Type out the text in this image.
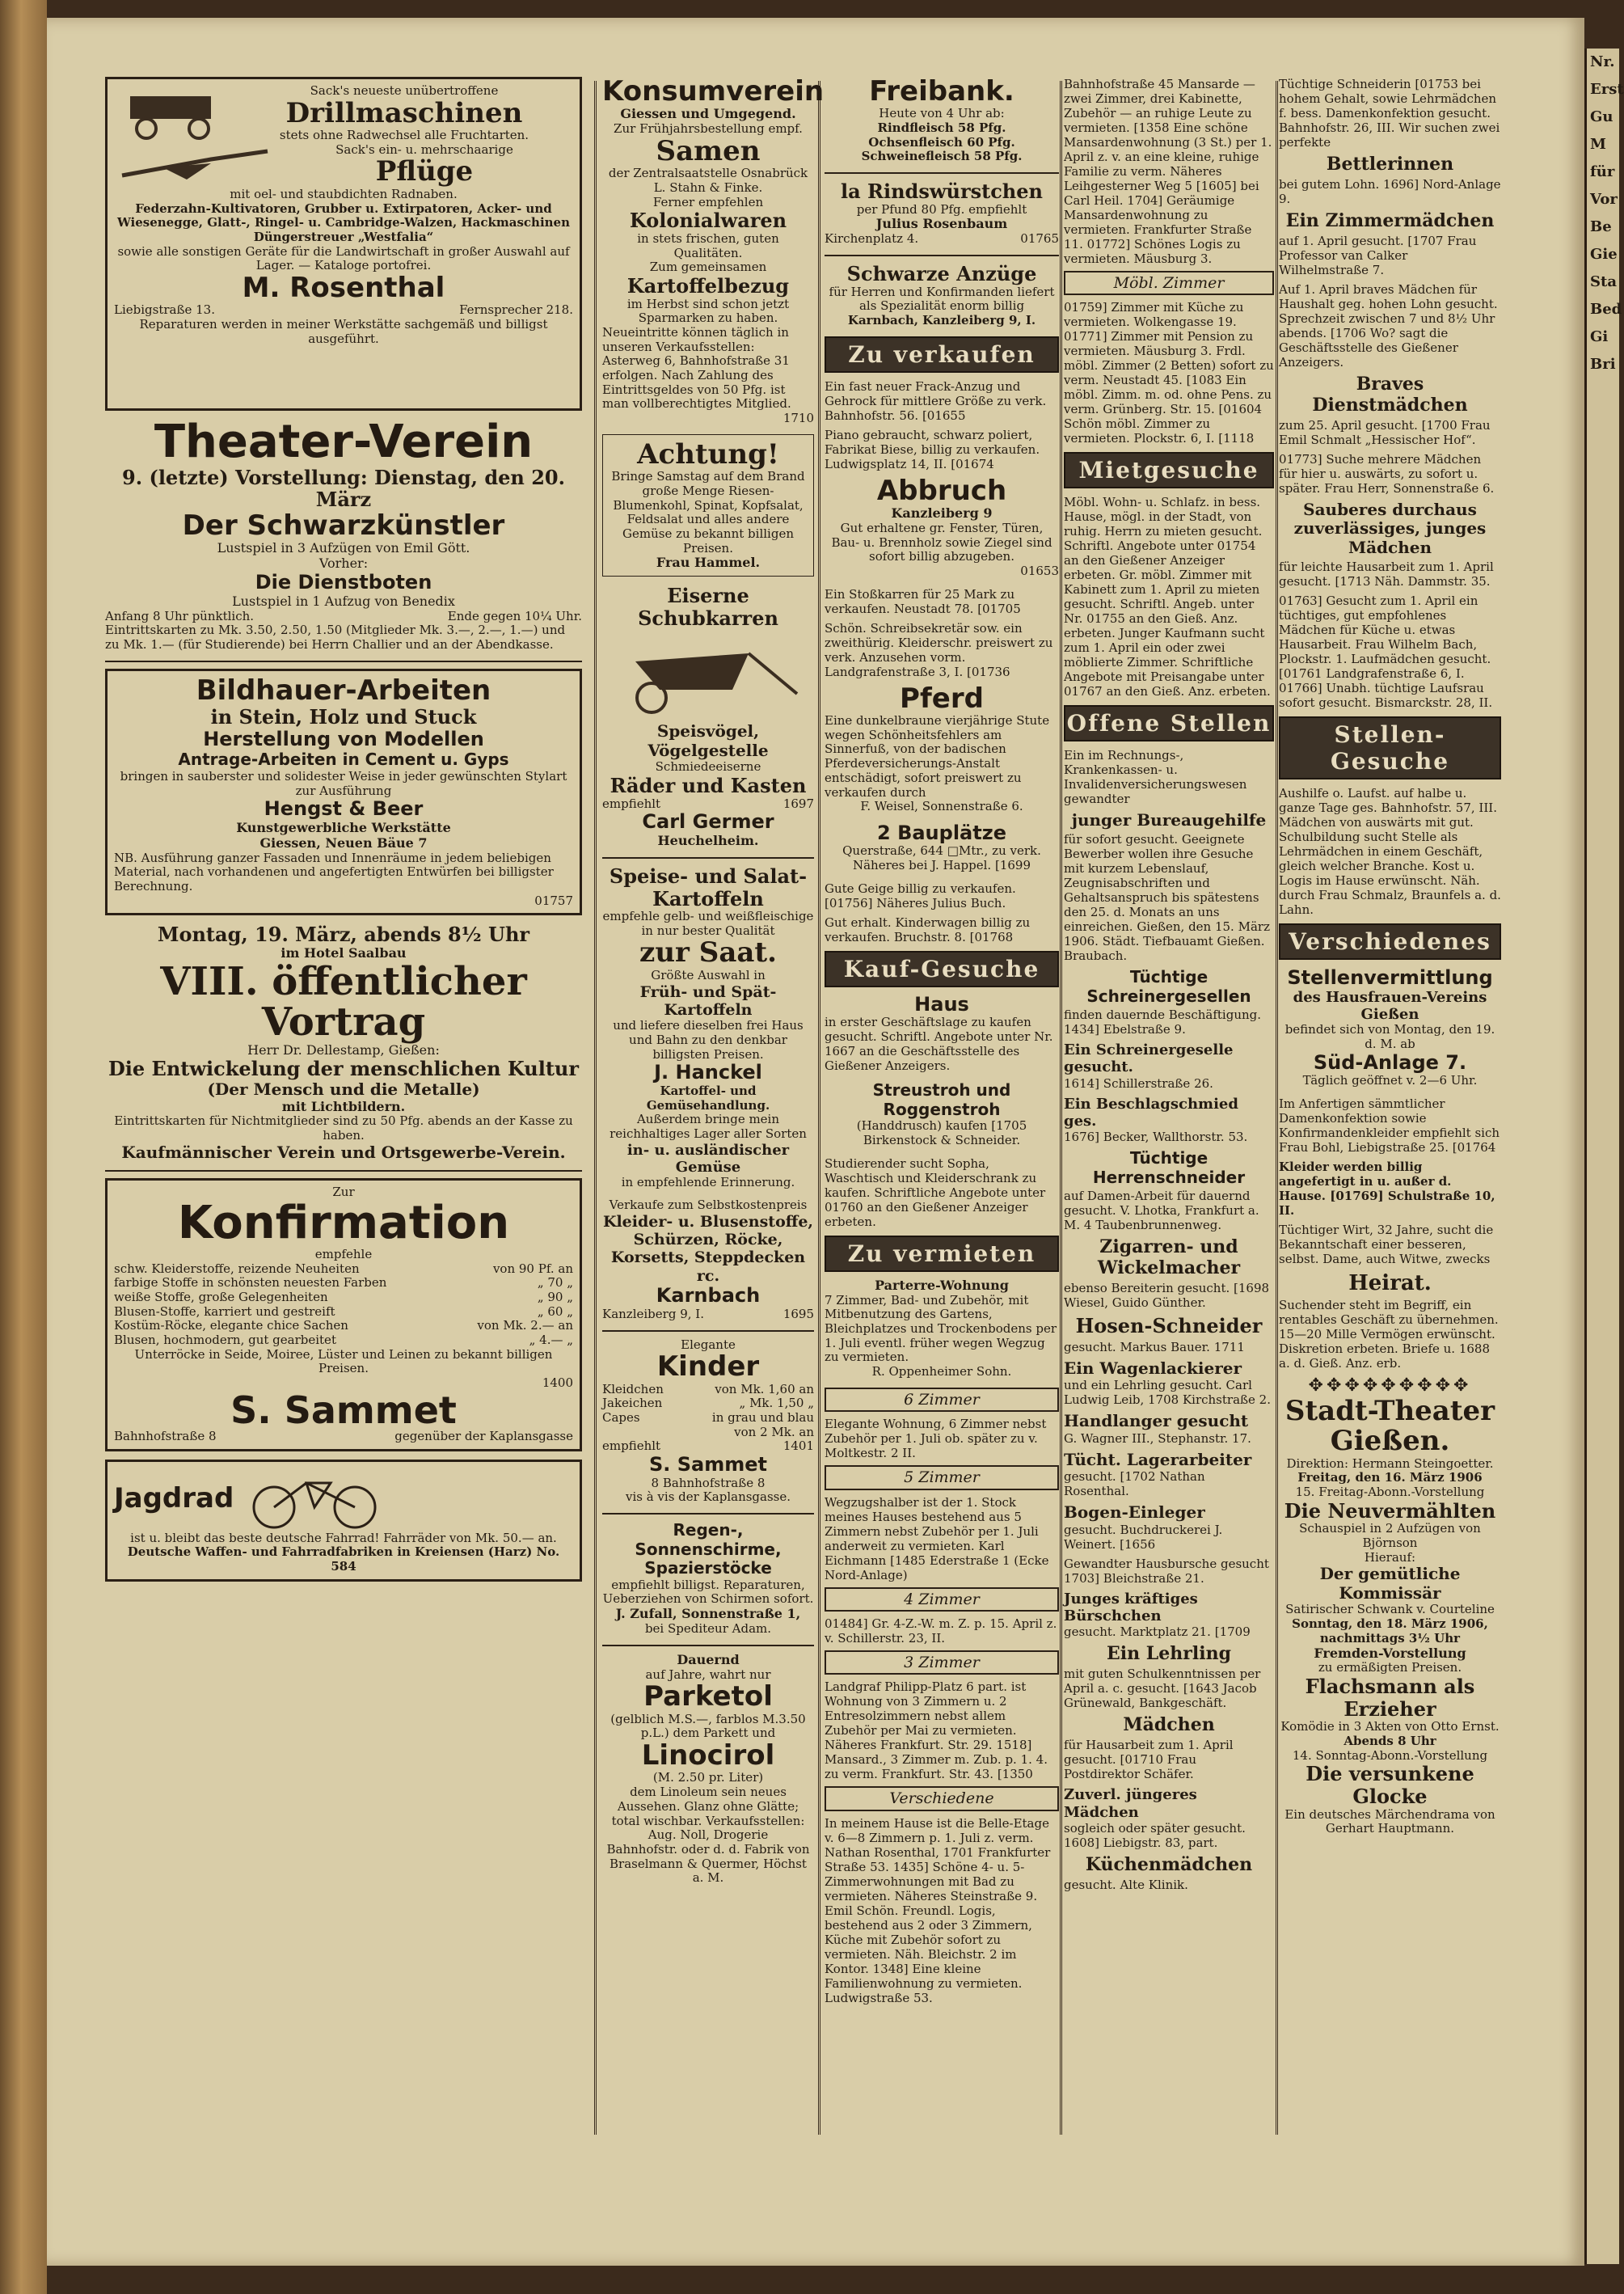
Sack's neueste unübertroffene
Drillmaschinen
stets ohne Radwechsel alle Fruchtarten.
Sack's ein- u. mehrschaarige
Pflüge
mit oel- und staubdichten Radnaben.
Federzahn-Kultivatoren, Grubber u. Extirpatoren, Acker- und Wiesenegge, Glatt-, Ringel- u. Cambridge-Walzen, Hackmaschinen Düngerstreuer „Westfalia“
sowie alle sonstigen Geräte für die Landwirtschaft in großer Auswahl auf Lager. — Kataloge portofrei.
M. Rosenthal
Liebigstraße 13.	Fernsprecher 218.
Reparaturen werden in meiner Werkstätte sachgemäß und billigst ausgeführt.
Theater-Verein
9. (letzte) Vorstellung: Dienstag, den 20. März
Der Schwarzkünstler
Lustspiel in 3 Aufzügen von Emil Gött.
Vorher:
Die Dienstboten
Lustspiel in 1 Aufzug von Benedix
Anfang 8 Uhr pünktlich.	Ende gegen 10¼ Uhr.
Eintrittskarten zu Mk. 3.50, 2.50, 1.50 (Mitglieder Mk. 3.—, 2.—, 1.—) und zu Mk. 1.— (für Studierende) bei Herrn Challier und an der Abendkasse.
Bildhauer-Arbeiten
in Stein, Holz und Stuck
Herstellung von Modellen
Antrage-Arbeiten in Cement u. Gyps
bringen in sauberster und solidester Weise in jeder gewünschten Stylart zur Ausführung
Hengst & Beer
Kunstgewerbliche Werkstätte
Giessen, Neuen Bäue 7
NB. Ausführung ganzer Fassaden und Innenräume in jedem beliebigen Material, nach vorhandenen und angefertigten Entwürfen bei billigster Berechnung.
01757
Montag, 19. März, abends 8½ Uhr
im Hotel Saalbau
VIII. öffentlicher Vortrag
Herr Dr. Dellestamp, Gießen:
Die Entwickelung der menschlichen Kultur
(Der Mensch und die Metalle)
mit Lichtbildern.
Eintrittskarten für Nichtmitglieder sind zu 50 Pfg. abends an der Kasse zu haben.
Kaufmännischer Verein und Ortsgewerbe-Verein.
Zur
Konfirmation
empfehle
schw. Kleiderstoffe, reizende Neuheiten	von 90 Pf. an
farbige Stoffe in schönsten neuesten Farben	„ 70 „
weiße Stoffe, große Gelegenheiten	„ 90 „
Blusen-Stoffe, karriert und gestreift	„ 60 „
Kostüm-Röcke, elegante chice Sachen	von Mk. 2.— an
Blusen, hochmodern, gut gearbeitet	„ 4.— „
Unterröcke in Seide, Moiree, Lüster und Leinen zu bekannt billigen Preisen.
1400
S. Sammet
Bahnhofstraße 8	gegenüber der Kaplansgasse
Jagdrad
ist u. bleibt das beste deutsche Fahrrad! Fahrräder von Mk. 50.— an.
Deutsche Waffen- und Fahrradfabriken in Kreiensen (Harz) No. 584
Konsumverein
Giessen und Umgegend.
Zur Frühjahrsbestellung empf.
Samen
der Zentralsaatstelle Osnabrück L. Stahn & Finke.
Ferner empfehlen
Kolonialwaren
in stets frischen, guten Qualitäten.
Zum gemeinsamen
Kartoffelbezug
im Herbst sind schon jetzt Sparmarken zu haben.
Neueintritte können täglich in unseren Verkaufsstellen: Asterweg 6, Bahnhofstraße 31 erfolgen. Nach Zahlung des Eintrittsgeldes von 50 Pfg. ist man vollberechtigtes Mitglied.
1710
Achtung!
Bringe Samstag auf dem Brand große Menge Riesen-Blumenkohl, Spinat, Kopfsalat, Feldsalat und alles andere Gemüse zu bekannt billigen Preisen.
Frau Hammel.
Eiserne Schubkarren
Speisvögel, Vögelgestelle
Schmiedeeiserne
Räder und Kasten
empfiehlt	1697
Carl Germer
Heuchelheim.
Speise- und Salat-Kartoffeln
empfehle gelb- und weißfleischige in nur bester Qualität
zur Saat.
Größte Auswahl in
Früh- und Spät-Kartoffeln
und liefere dieselben frei Haus und Bahn zu den denkbar billigsten Preisen.
J. Hanckel
Kartoffel- und Gemüsehandlung.
Außerdem bringe mein reichhaltiges Lager aller Sorten
in- u. ausländischer Gemüse
in empfehlende Erinnerung.
Verkaufe zum Selbstkostenpreis
Kleider- u. Blusenstoffe, Schürzen, Röcke, Korsetts, Steppdecken rc.
Karnbach
Kanzleiberg 9, I.	1695
Elegante
Kinder
Kleidchen	von Mk. 1,60 an
Jakeichen	„ Mk. 1,50 „
Capes	in grau und blau
von 2 Mk. an
empfiehlt	1401
S. Sammet
8 Bahnhofstraße 8
vis à vis der Kaplansgasse.
Regen-, Sonnenschirme, Spazierstöcke
empfiehlt billigst. Reparaturen, Ueberziehen von Schirmen sofort.
J. Zufall, Sonnenstraße 1,
bei Spediteur Adam.
Dauernd
auf Jahre, wahrt nur
Parketol
(gelblich M.S.—, farblos M.3.50 p.L.) dem Parkett und
Linocirol
(M. 2.50 pr. Liter)
dem Linoleum sein neues Aussehen. Glanz ohne Glätte; total wischbar. Verkaufsstellen: Aug. Noll, Drogerie
Bahnhofstr. oder d. d. Fabrik von Braselmann & Quermer, Höchst a. M.
Freibank.
Heute von 4 Uhr ab:
Rindfleisch 58 Pfg.
Ochsenfleisch 60 Pfg.
Schweinefleisch 58 Pfg.
la Rindswürstchen
per Pfund 80 Pfg. empfiehlt
Julius Rosenbaum
Kirchenplatz 4.	01765
Schwarze Anzüge
für Herren und Konfirmanden liefert als Spezialität enorm billig
Karnbach, Kanzleiberg 9, I.
Zu verkaufen
Ein fast neuer Frack-Anzug und Gehrock für mittlere Größe zu verk. Bahnhofstr. 56. [01655
Piano gebraucht, schwarz poliert, Fabrikat Biese, billig zu verkaufen. Ludwigsplatz 14, II. [01674
Abbruch
Kanzleiberg 9
Gut erhaltene gr. Fenster, Türen, Bau- u. Brennholz sowie Ziegel sind sofort billig abzugeben.
01653
Ein Stoßkarren für 25 Mark zu verkaufen. Neustadt 78. [01705
Schön. Schreibsekretär sow. ein zweithürig. Kleiderschr. preiswert zu verk. Anzusehen vorm. Landgrafenstraße 3, I. [01736
Pferd
Eine dunkelbraune vierjährige Stute wegen Schönheitsfehlers am Sinnerfuß, von der badischen Pferdeversicherungs-Anstalt entschädigt, sofort preiswert zu verkaufen durch
F. Weisel, Sonnenstraße 6.
2 Bauplätze
Querstraße, 644 □Mtr., zu verk. Näheres bei J. Happel. [1699
Gute Geige billig zu verkaufen. [01756] Näheres Julius Buch.
Gut erhalt. Kinderwagen billig zu verkaufen. Bruchstr. 8. [01768
Kauf-Gesuche
Haus
in erster Geschäftslage zu kaufen gesucht. Schriftl. Angebote unter Nr. 1667 an die Geschäftsstelle des Gießener Anzeigers.
Streustroh und Roggenstroh
(Handdrusch) kaufen [1705
Birkenstock & Schneider.
Studierender sucht Sopha, Waschtisch und Kleiderschrank zu kaufen. Schriftliche Angebote unter 01760 an den Gießener Anzeiger erbeten.
Zu vermieten
Parterre-Wohnung
7 Zimmer, Bad- und Zubehör, mit Mitbenutzung des Gartens, Bleichplatzes und Trockenbodens per 1. Juli eventl. früher wegen Wegzug zu vermieten.
R. Oppenheimer Sohn.
6 Zimmer
Elegante Wohnung, 6 Zimmer nebst Zubehör per 1. Juli ob. später zu v. Moltkestr. 2 II.
5 Zimmer
Wegzugshalber ist der 1. Stock meines Hauses bestehend aus 5 Zimmern nebst Zubehör per 1. Juli anderweit zu vermieten. Karl Eichmann [1485 Ederstraße 1 (Ecke Nord-Anlage)
4 Zimmer
01484] Gr. 4-Z.-W. m. Z. p. 15. April z. v. Schillerstr. 23, II.
3 Zimmer
Landgraf Philipp-Platz 6 part. ist Wohnung von 3 Zimmern u. 2 Entresolzimmern nebst allem Zubehör per Mai zu vermieten. Näheres Frankfurt. Str. 29. 1518] Mansard., 3 Zimmer m. Zub. p. 1. 4. zu verm. Frankfurt. Str. 43. [1350
Verschiedene
In meinem Hause ist die Belle-Etage v. 6—8 Zimmern p. 1. Juli z. verm. Nathan Rosenthal, 1701 Frankfurter Straße 53. 1435] Schöne 4- u. 5-Zimmerwohnungen mit Bad zu vermieten. Näheres Steinstraße 9. Emil Schön. Freundl. Logis, bestehend aus 2 oder 3 Zimmern, Küche mit Zubehör sofort zu vermieten. Näh. Bleichstr. 2 im Kontor. 1348] Eine kleine Familienwohnung zu vermieten. Ludwigstraße 53.
Bahnhofstraße 45 Mansarde — zwei Zimmer, drei Kabinette, Zubehör — an ruhige Leute zu vermieten. [1358 Eine schöne Mansardenwohnung (3 St.) per 1. April z. v. an eine kleine, ruhige Familie zu verm. Näheres Leihgesterner Weg 5 [1605] bei Carl Heil. 1704] Geräumige Mansardenwohnung zu vermieten. Frankfurter Straße 11. 01772] Schönes Logis zu vermieten. Mäusburg 3.
Möbl. Zimmer
01759] Zimmer mit Küche zu vermieten. Wolkengasse 19. 01771] Zimmer mit Pension zu vermieten. Mäusburg 3. Frdl. möbl. Zimmer (2 Betten) sofort zu verm. Neustadt 45. [1083 Ein möbl. Zimm. m. od. ohne Pens. zu verm. Grünberg. Str. 15. [01604 Schön möbl. Zimmer zu vermieten. Plockstr. 6, I. [1118
Mietgesuche
Möbl. Wohn- u. Schlafz. in bess. Hause, mögl. in der Stadt, von ruhig. Herrn zu mieten gesucht. Schriftl. Angebote unter 01754 an den Gießener Anzeiger erbeten. Gr. möbl. Zimmer mit Kabinett zum 1. April zu mieten gesucht. Schriftl. Angeb. unter Nr. 01755 an den Gieß. Anz. erbeten. Junger Kaufmann sucht zum 1. April ein oder zwei möblierte Zimmer. Schriftliche Angebote mit Preisangabe unter 01767 an den Gieß. Anz. erbeten.
Offene Stellen
Ein im Rechnungs-, Krankenkassen- u. Invalidenversicherungswesen gewandter
junger Bureaugehilfe
für sofort gesucht. Geeignete Bewerber wollen ihre Gesuche mit kurzem Lebenslauf, Zeugnisabschriften und Gehaltsanspruch bis spätestens den 25. d. Monats an uns einreichen. Gießen, den 15. März 1906. Städt. Tiefbauamt Gießen. Braubach.
Tüchtige Schreinergesellen
finden dauernde Beschäftigung. 1434] Ebelstraße 9.
Ein Schreinergeselle gesucht.
1614] Schillerstraße 26.
Ein Beschlagschmied ges.
1676] Becker, Wallthorstr. 53.
Tüchtige Herrenschneider
auf Damen-Arbeit für dauernd gesucht. V. Lhotka, Frankfurt a. M. 4 Taubenbrunnenweg.
Zigarren- und Wickelmacher
ebenso Bereiterin gesucht. [1698 Wiesel, Guido Günther.
Hosen-Schneider
gesucht. Markus Bauer. 1711
Ein Wagenlackierer
und ein Lehrling gesucht. Carl Ludwig Leib, 1708 Kirchstraße 2.
Handlanger gesucht
G. Wagner III., Stephanstr. 17.
Tücht. Lagerarbeiter
gesucht. [1702 Nathan Rosenthal.
Bogen-Einleger
gesucht. Buchdruckerei J. Weinert. [1656
Gewandter Hausbursche gesucht 1703] Bleichstraße 21.
Junges kräftiges Bürschchen
gesucht. Marktplatz 21. [1709
Ein Lehrling
mit guten Schulkenntnissen per April a. c. gesucht. [1643 Jacob Grünewald, Bankgeschäft.
Mädchen
für Hausarbeit zum 1. April gesucht. [01710 Frau Postdirektor Schäfer.
Zuverl. jüngeres Mädchen
sogleich oder später gesucht. 1608] Liebigstr. 83, part.
Küchenmädchen
gesucht. Alte Klinik.
Tüchtige Schneiderin [01753 bei hohem Gehalt, sowie Lehrmädchen f. bess. Damenkonfektion gesucht. Bahnhofstr. 26, III. Wir suchen zwei perfekte
Bettlerinnen
bei gutem Lohn. 1696] Nord-Anlage 9.
Ein Zimmermädchen
auf 1. April gesucht. [1707 Frau Professor van Calker Wilhelmstraße 7.
Auf 1. April braves Mädchen für Haushalt geg. hohen Lohn gesucht. Sprechzeit zwischen 7 und 8½ Uhr abends. [1706 Wo? sagt die Geschäftsstelle des Gießener Anzeigers.
Braves Dienstmädchen
zum 25. April gesucht. [1700 Frau Emil Schmalt „Hessischer Hof“.
01773] Suche mehrere Mädchen für hier u. auswärts, zu sofort u. später. Frau Herr, Sonnenstraße 6.
Sauberes durchaus zuverlässiges, junges Mädchen
für leichte Hausarbeit zum 1. April gesucht. [1713 Näh. Dammstr. 35.
01763] Gesucht zum 1. April ein tüchtiges, gut empfohlenes Mädchen für Küche u. etwas Hausarbeit. Frau Wilhelm Bach, Plockstr. 1. Laufmädchen gesucht. [01761 Landgrafenstraße 6, I. 01766] Unabh. tüchtige Laufsrau sofort gesucht. Bismarckstr. 28, II.
Stellen-Gesuche
Aushilfe o. Laufst. auf halbe u. ganze Tage ges. Bahnhofstr. 57, III. Mädchen von auswärts mit gut. Schulbildung sucht Stelle als Lehrmädchen in einem Geschäft, gleich welcher Branche. Kost u. Logis im Hause erwünscht. Näh. durch Frau Schmalz, Braunfels a. d. Lahn.
Verschiedenes
Stellenvermittlung
des Hausfrauen-Vereins Gießen
befindet sich von Montag, den 19. d. M. ab
Süd-Anlage 7.
Täglich geöffnet v. 2—6 Uhr.
Im Anfertigen sämmtlicher Damenkonfektion sowie Konfirmandenkleider empfiehlt sich Frau Bohl, Liebigstraße 25. [01764
Kleider werden billig angefertigt in u. außer d. Hause. [01769] Schulstraße 10, II.
Tüchtiger Wirt, 32 Jahre, sucht die Bekanntschaft einer besseren, selbst. Dame, auch Witwe, zwecks
Heirat.
Suchender steht im Begriff, ein rentables Geschäft zu übernehmen. 15—20 Mille Vermögen erwünscht. Diskretion erbeten. Briefe u. 1688 a. d. Gieß. Anz. erb.
✥✥✥✥✥✥✥✥✥
Stadt-Theater Gießen.
Direktion: Hermann Steingoetter.
Freitag, den 16. März 1906
15. Freitag-Abonn.-Vorstellung
Die Neuvermählten
Schauspiel in 2 Aufzügen von Björnson
Hierauf:
Der gemütliche Kommissär
Satirischer Schwank v. Courteline
Sonntag, den 18. März 1906, nachmittags 3½ Uhr
Fremden-Vorstellung
zu ermäßigten Preisen.
Flachsmann als Erzieher
Komödie in 3 Akten von Otto Ernst.
Abends 8 Uhr
14. Sonntag-Abonn.-Vorstellung
Die versunkene Glocke
Ein deutsches Märchendrama von Gerhart Hauptmann.
Nr.
Erst
Gu
M
für
Vor
Be
Gie
Sta
Bed
Gi
Bri
